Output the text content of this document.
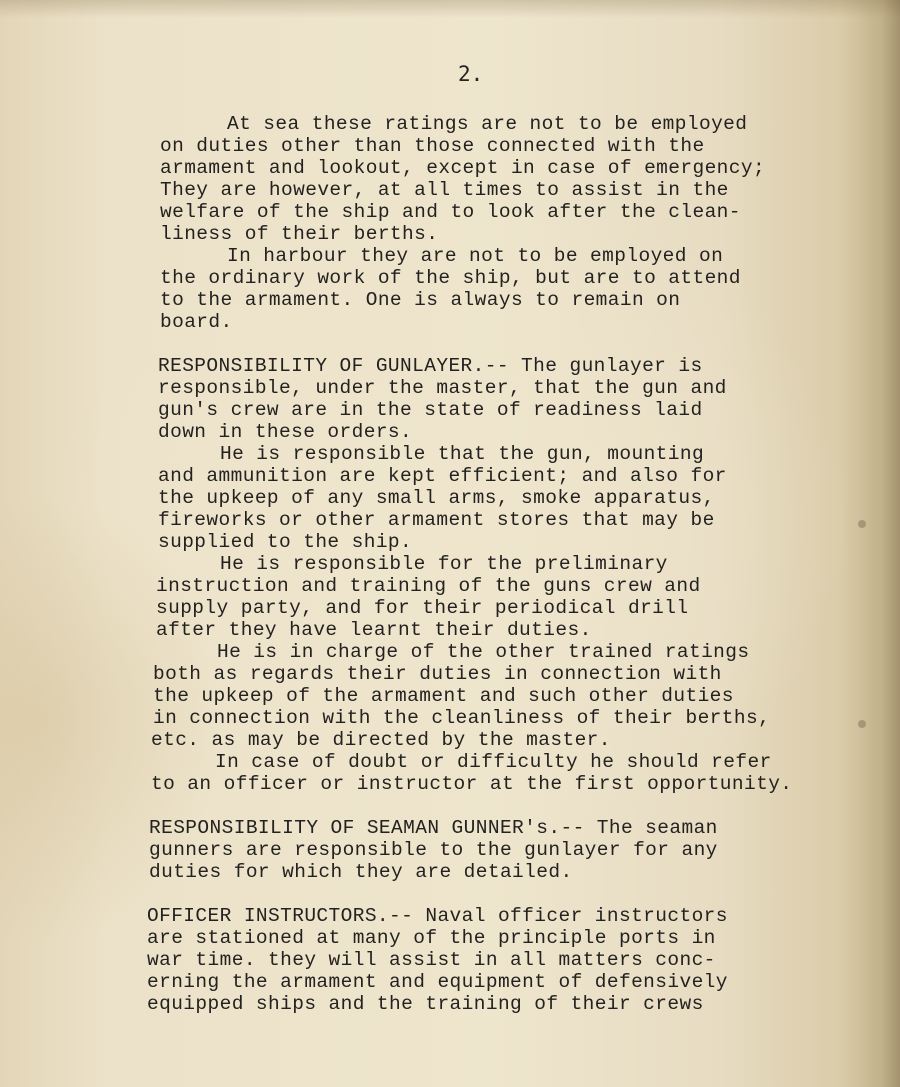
2.
At sea these ratings are not to be employed
on duties other than those connected with the
armament and lookout, except in case of emergency;
They are however, at all times to assist in the
welfare of the ship and to look after the clean-
liness of their berths.
In harbour they are not to be employed on
the ordinary work of the ship, but are to attend
to the armament. One is always to remain on
board.
RESPONSIBILITY OF GUNLAYER.-- The gunlayer is
responsible, under the master, that the gun and
gun's crew are in the state of readiness laid
down in these orders.
He is responsible that the gun, mounting
and ammunition are kept efficient; and also for
the upkeep of any small arms, smoke apparatus,
fireworks or other armament stores that may be
supplied to the ship.
He is responsible for the preliminary
instruction and training of the guns crew and
supply party, and for their periodical drill
after they have learnt their duties.
He is in charge of the other trained ratings
both as regards their duties in connection with
the upkeep of the armament and such other duties
in connection with the cleanliness of their berths,
etc. as may be directed by the master.
In case of doubt or difficulty he should refer
to an officer or instructor at the first opportunity.
RESPONSIBILITY OF SEAMAN GUNNER's.-- The seaman
gunners are responsible to the gunlayer for any
duties for which they are detailed.
OFFICER INSTRUCTORS.-- Naval officer instructors
are stationed at many of the principle ports in
war time. they will assist in all matters conc-
erning the armament and equipment of defensively
equipped ships and the training of their crews
